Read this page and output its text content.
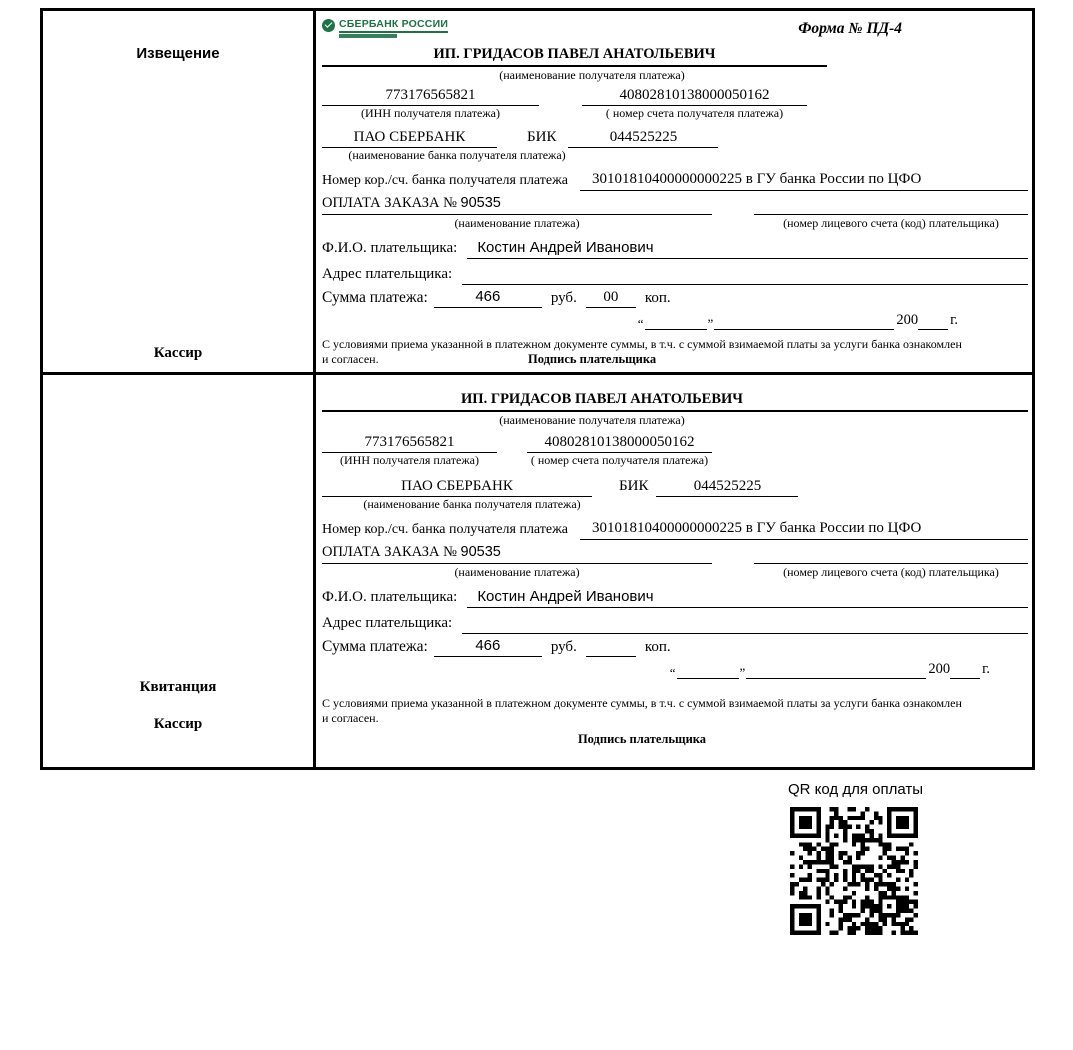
Извещение
Кассир
СБЕРБАНК РОССИИ	Форма № ПД-4
ИП. ГРИДАСОВ ПАВЕЛ АНАТОЛЬЕВИЧ
(наименование получателя платежа)
773176565821	40802810138000050162
(ИНН получателя платежа)	( номер счета получателя платежа)
ПАО СБЕРБАНК	БИК	044525225
(наименование банка получателя платежа)
Номер кор./сч. банка получателя платежа	30101810400000000225 в ГУ банка России по ЦФО
ОПЛАТА ЗАКАЗА № 90535
(наименование платежа)	(номер лицевого счета (код) плательщика)
Ф.И.О. плательщика:	Костин Андрей Иванович
Адрес плательщика:
Сумма платежа:	466	руб.	00	коп.
“	”	200 г.
С условиями приема указанной в платежном документе суммы, в т.ч. с суммой взимаемой платы за услуги банка ознакомлен и согласен.	Подпись плательщика
Квитанция
Кассир
ИП. ГРИДАСОВ ПАВЕЛ АНАТОЛЬЕВИЧ
(наименование получателя платежа)
773176565821	40802810138000050162
(ИНН получателя платежа)	( номер счета получателя платежа)
ПАО СБЕРБАНК	БИК	044525225
(наименование банка получателя платежа)
Номер кор./сч. банка получателя платежа	30101810400000000225 в ГУ банка России по ЦФО
ОПЛАТА ЗАКАЗА № 90535
(наименование платежа)	(номер лицевого счета (код) плательщика)
Ф.И.О. плательщика:	Костин Андрей Иванович
Адрес плательщика:
Сумма платежа:	466	руб.	коп.
“	”	200 г.
С условиями приема указанной в платежном документе суммы, в т.ч. с суммой взимаемой платы за услуги банка ознакомлен и согласен.
Подпись плательщика
QR код для оплаты
